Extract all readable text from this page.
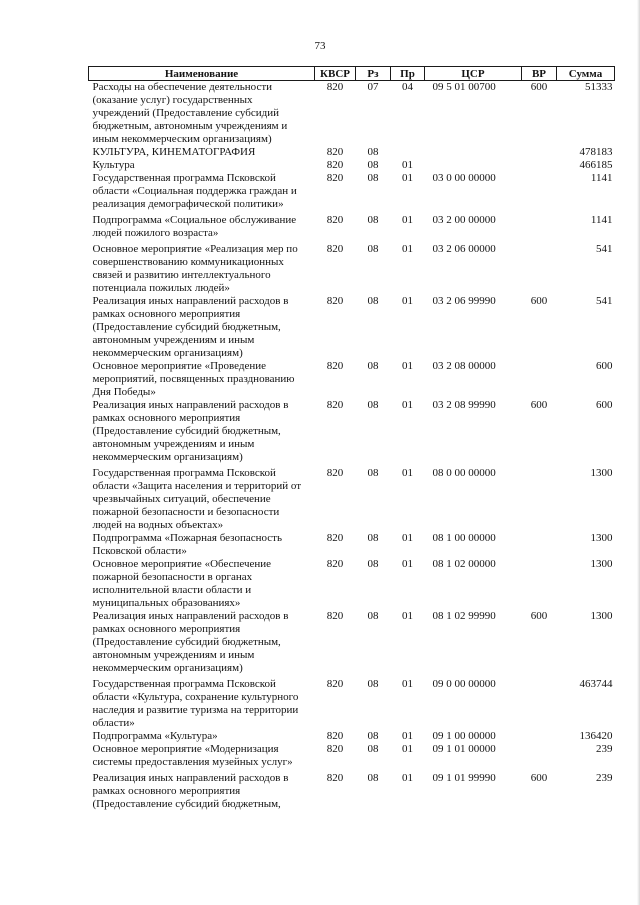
73
Наименование	КВСР	Рз	Пр	ЦСР	ВР	Сумма
Расходы на обеспечение деятельности (оказание услуг) государственных учреждений (Предоставление субсидий бюджетным, автономным учреждениям и иным некоммерческим организациям)	820	07	04	09 5 01 00700	600	51333
КУЛЬТУРА, КИНЕМАТОГРАФИЯ	820	08				478183
Культура	820	08	01			466185
Государственная программа Псковской области «Социальная поддержка граждан и реализация демографической политики»	820	08	01	03 0 00 00000		1141
Подпрограмма «Социальное обслуживание людей пожилого возраста»	820	08	01	03 2 00 00000		1141
Основное мероприятие «Реализация мер по совершенствованию коммуникационных связей и развитию интеллектуального потенциала пожилых людей»	820	08	01	03 2 06 00000		541
Реализация иных направлений расходов в рамках основного мероприятия (Предоставление субсидий бюджетным, автономным учреждениям и иным некоммерческим организациям)	820	08	01	03 2 06 99990	600	541
Основное мероприятие «Проведение мероприятий, посвященных празднованию Дня Победы»	820	08	01	03 2 08 00000		600
Реализация иных направлений расходов в рамках основного мероприятия (Предоставление субсидий бюджетным, автономным учреждениям и иным некоммерческим организациям)	820	08	01	03 2 08 99990	600	600
Государственная программа Псковской области «Защита населения и территорий от чрезвычайных ситуаций, обеспечение пожарной безопасности и безопасности людей на водных объектах»	820	08	01	08 0 00 00000		1300
Подпрограмма «Пожарная безопасность Псковской области»	820	08	01	08 1 00 00000		1300
Основное мероприятие «Обеспечение пожарной безопасности в органах исполнительной власти области и муниципальных образованиях»	820	08	01	08 1 02 00000		1300
Реализация иных направлений расходов в рамках основного мероприятия (Предоставление субсидий бюджетным, автономным учреждениям и иным некоммерческим организациям)	820	08	01	08 1 02 99990	600	1300
Государственная программа Псковской области «Культура, сохранение культурного наследия и развитие туризма на территории области»	820	08	01	09 0 00 00000		463744
Подпрограмма «Культура»	820	08	01	09 1 00 00000		136420
Основное мероприятие «Модернизация системы предоставления музейных услуг»	820	08	01	09 1 01 00000		239
Реализация иных направлений расходов в рамках основного мероприятия (Предоставление субсидий бюджетным,	820	08	01	09 1 01 99990	600	239
